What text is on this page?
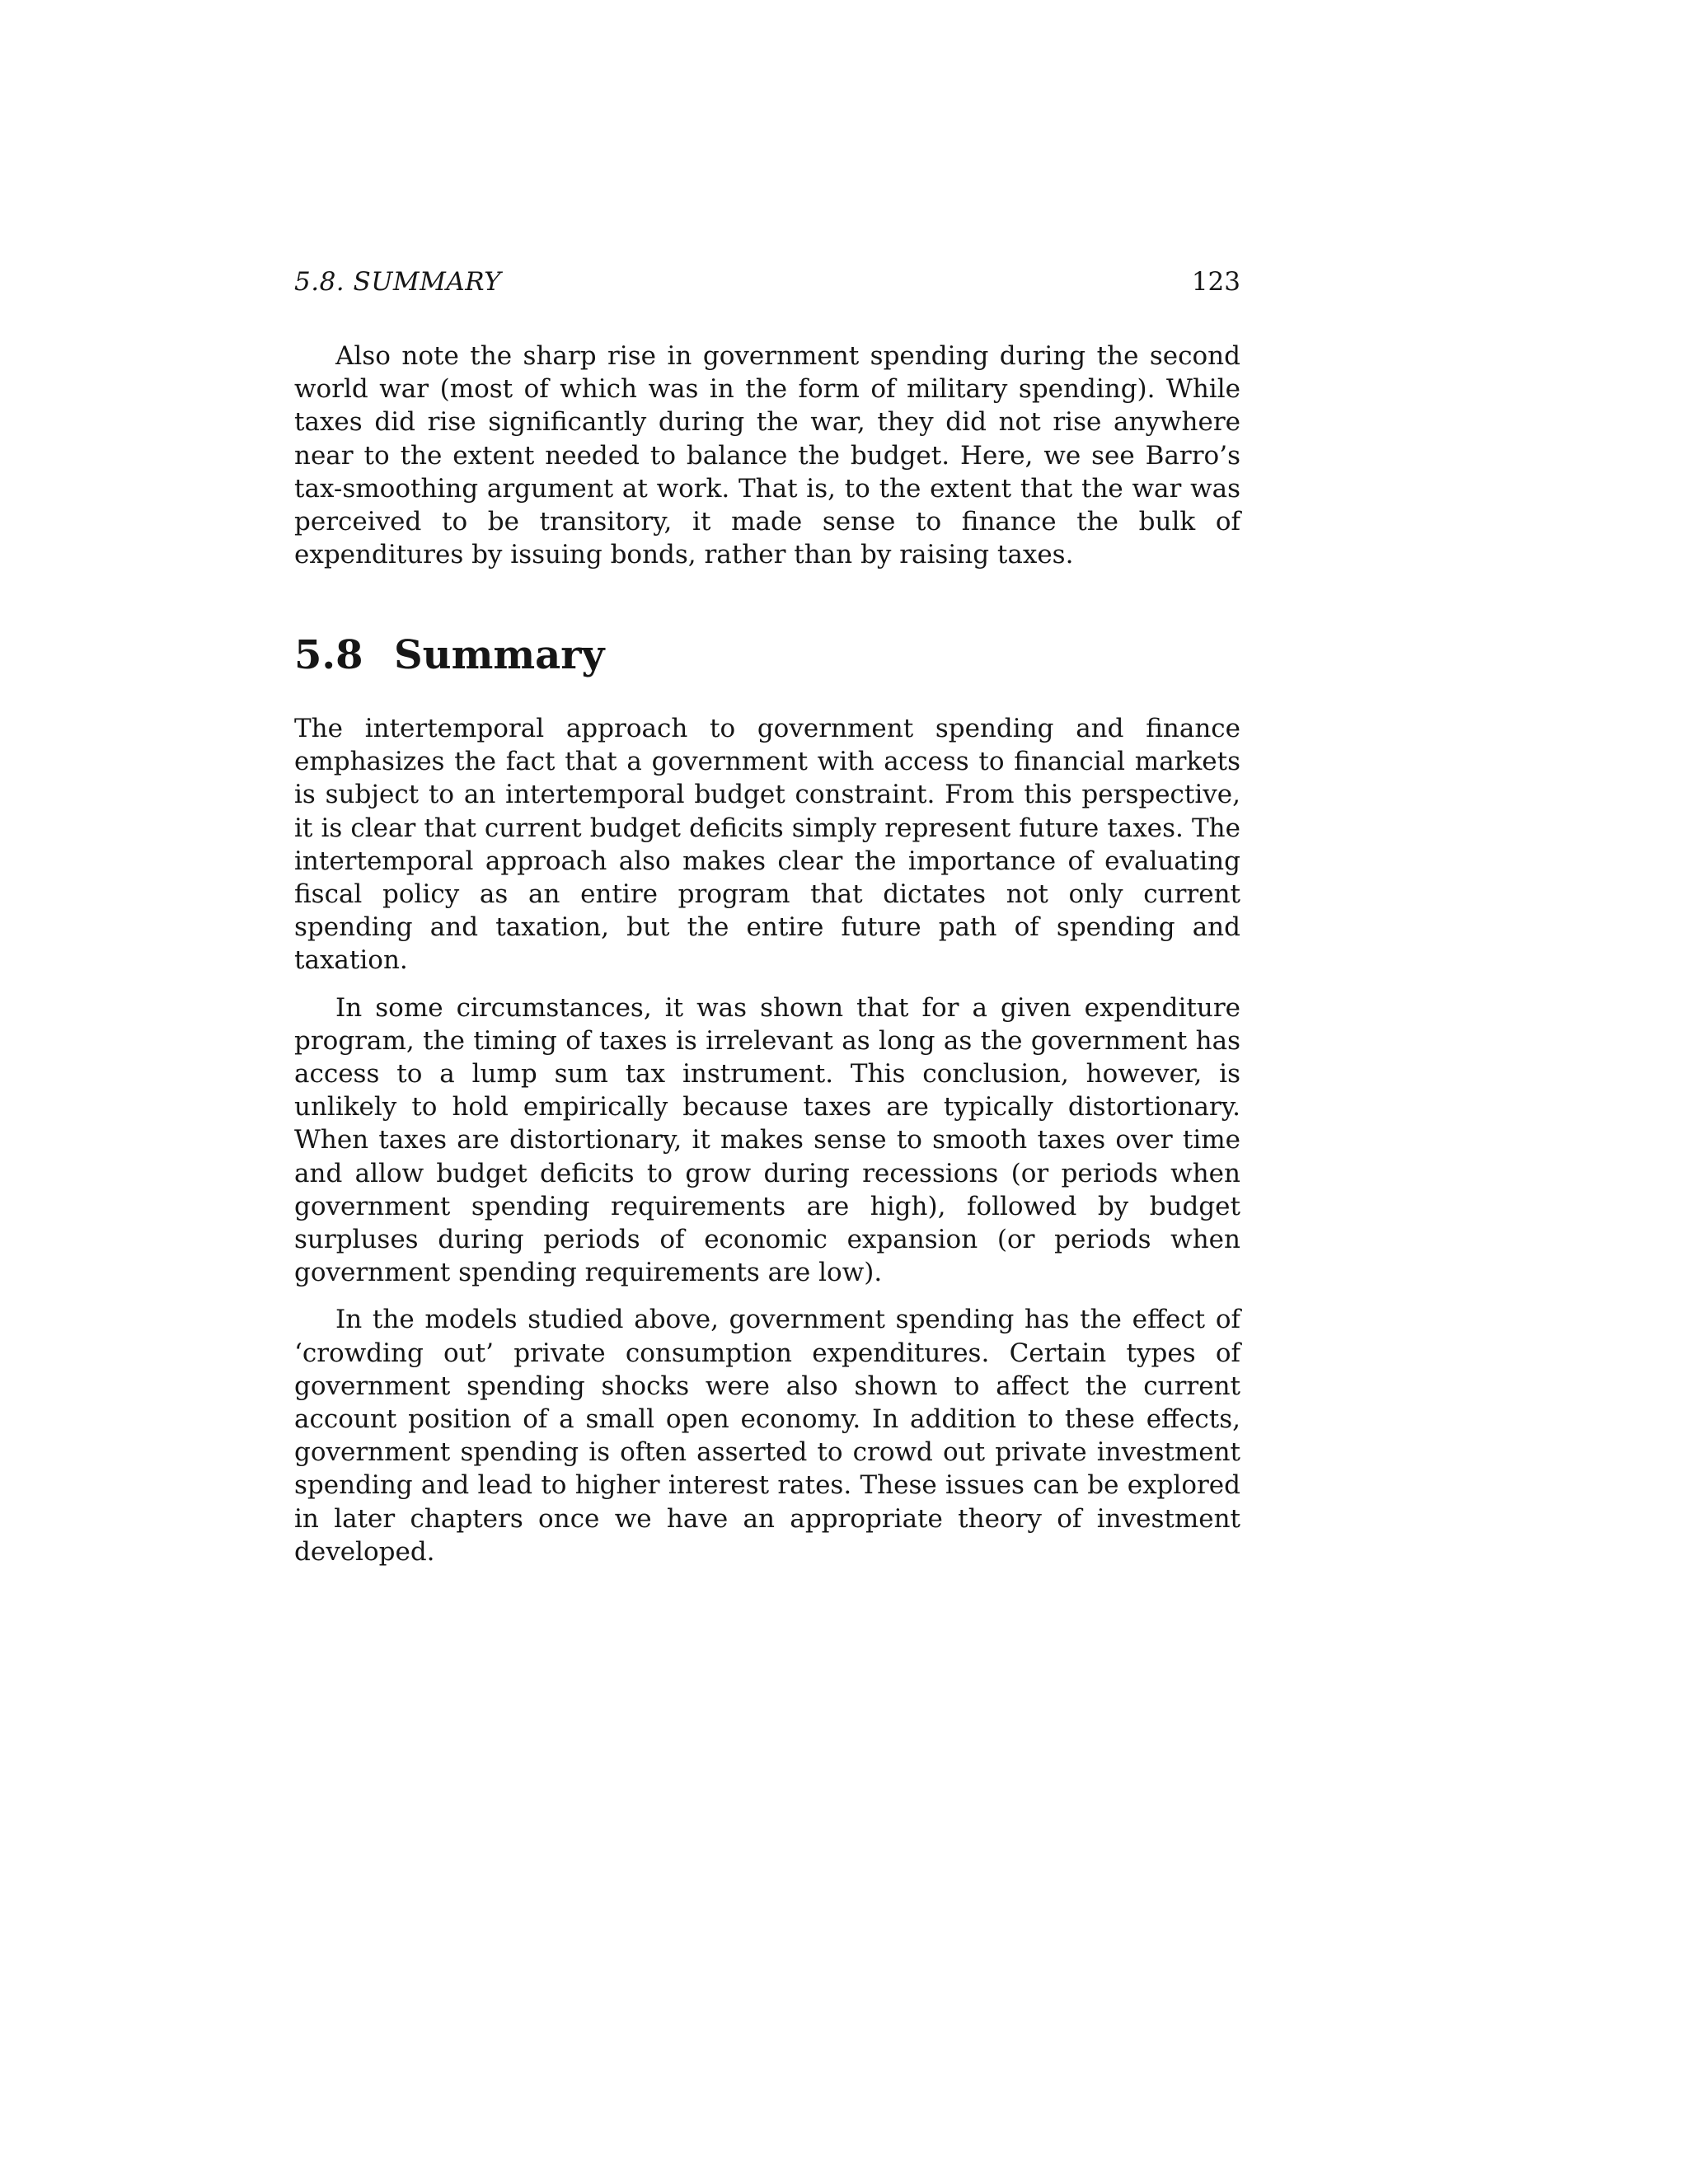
5.8. SUMMARY	123

Also note the sharp rise in government spending during the second world war (most of which was in the form of military spending). While taxes did rise significantly during the war, they did not rise anywhere near to the extent needed to balance the budget. Here, we see Barro’s tax-smoothing argument at work. That is, to the extent that the war was perceived to be transitory, it made sense to finance the bulk of expenditures by issuing bonds, rather than by raising taxes.

5.8 Summary

The intertemporal approach to government spending and finance emphasizes the fact that a government with access to financial markets is subject to an intertemporal budget constraint. From this perspective, it is clear that current budget deficits simply represent future taxes. The intertemporal approach also makes clear the importance of evaluating fiscal policy as an entire program that dictates not only current spending and taxation, but the entire future path of spending and taxation.

In some circumstances, it was shown that for a given expenditure program, the timing of taxes is irrelevant as long as the government has access to a lump sum tax instrument. This conclusion, however, is unlikely to hold empirically because taxes are typically distortionary. When taxes are distortionary, it makes sense to smooth taxes over time and allow budget deficits to grow during recessions (or periods when government spending requirements are high), followed by budget surpluses during periods of economic expansion (or periods when government spending requirements are low).

In the models studied above, government spending has the effect of ‘crowding out’ private consumption expenditures. Certain types of government spending shocks were also shown to affect the current account position of a small open economy. In addition to these effects, government spending is often asserted to crowd out private investment spending and lead to higher interest rates. These issues can be explored in later chapters once we have an appropriate theory of investment developed.
